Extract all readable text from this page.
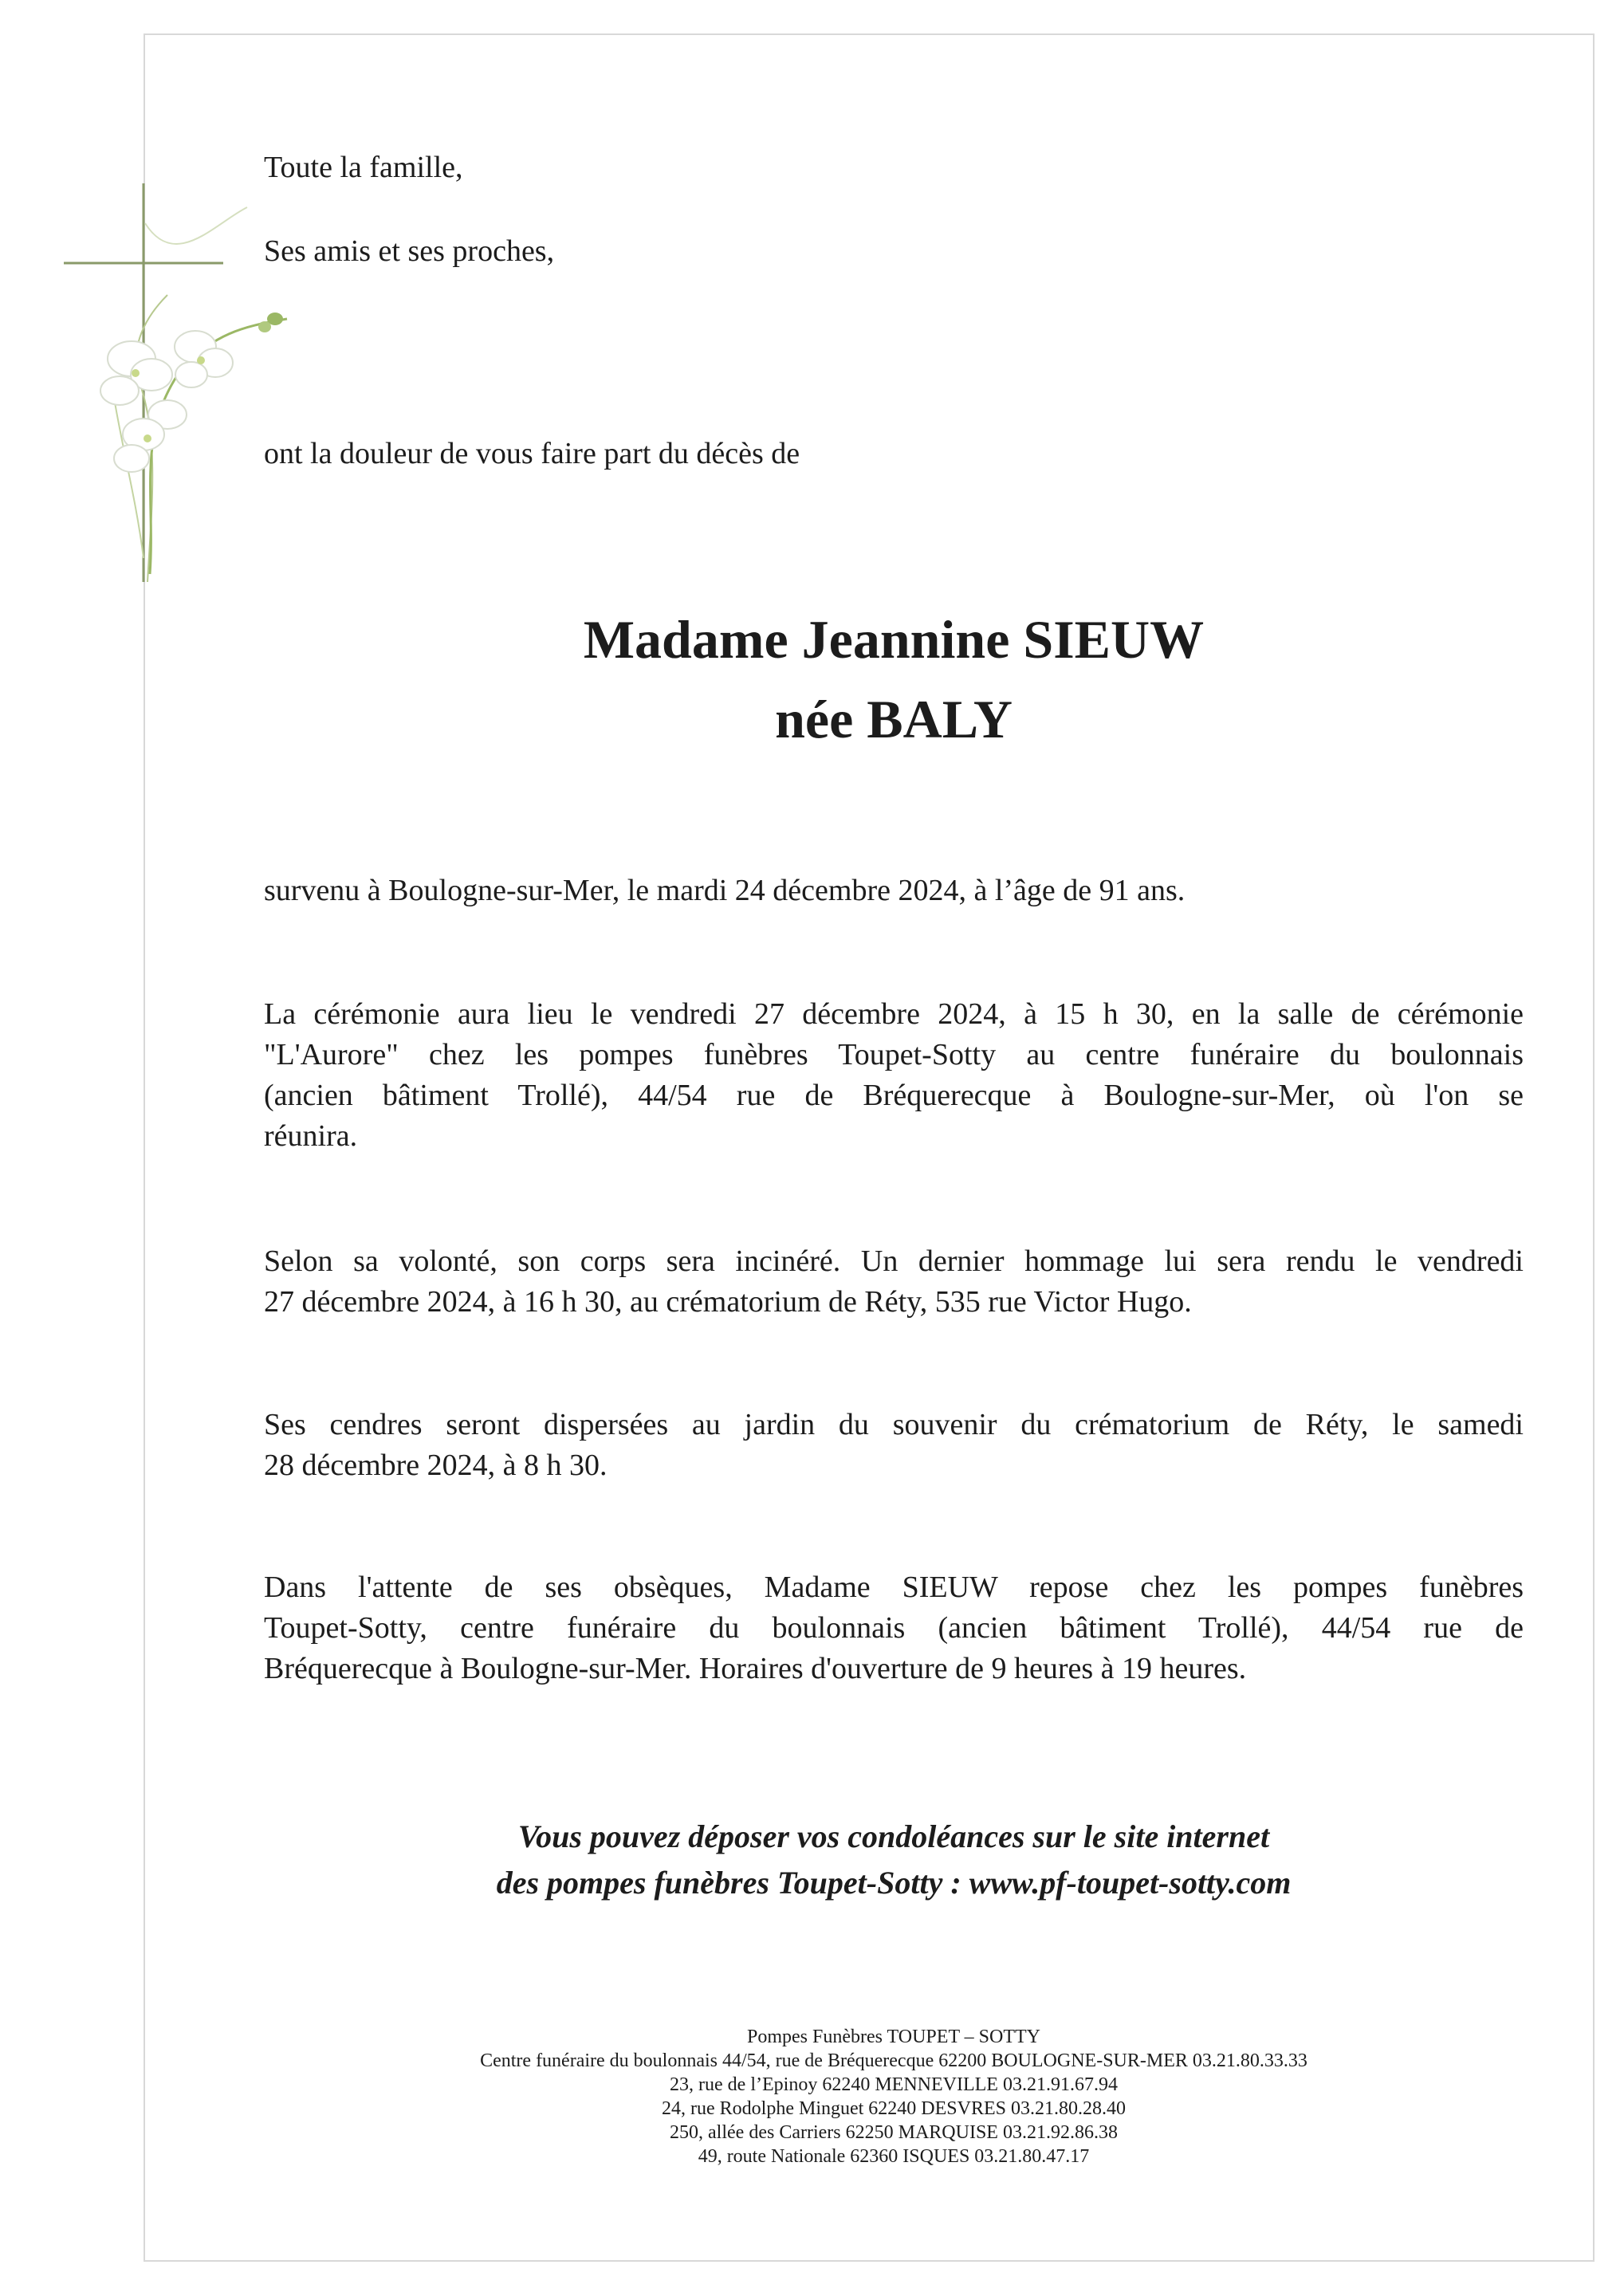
Toute la famille,

Ses amis et ses proches,

ont la douleur de vous faire part du décès de

Madame Jeannine SIEUW
née BALY

survenu à Boulogne-sur-Mer, le mardi 24 décembre 2024, à l’âge de 91 ans.

La cérémonie aura lieu le vendredi 27 décembre 2024, à 15 h 30, en la salle de cérémonie
"L'Aurore" chez les pompes funèbres Toupet-Sotty au centre funéraire du boulonnais
(ancien bâtiment Trollé), 44/54 rue de Bréquerecque à Boulogne-sur-Mer, où l'on se
réunira.
Selon sa volonté, son corps sera incinéré. Un dernier hommage lui sera rendu le vendredi
27 décembre 2024, à 16 h 30, au crématorium de Réty, 535 rue Victor Hugo.
Ses cendres seront dispersées au jardin du souvenir du crématorium de Réty, le samedi
28 décembre 2024, à 8 h 30.
Dans l'attente de ses obsèques, Madame SIEUW repose chez les pompes funèbres
Toupet-Sotty, centre funéraire du boulonnais (ancien bâtiment Trollé), 44/54 rue de
Bréquerecque à Boulogne-sur-Mer. Horaires d'ouverture de 9 heures à 19 heures.
Vous pouvez déposer vos condoléances sur le site internet
des pompes funèbres Toupet-Sotty : www.pf-toupet-sotty.com
Pompes Funèbres TOUPET – SOTTY
Centre funéraire du boulonnais 44/54, rue de Bréquerecque 62200 BOULOGNE-SUR-MER 03.21.80.33.33
23, rue de l’Epinoy 62240 MENNEVILLE 03.21.91.67.94
24, rue Rodolphe Minguet 62240 DESVRES 03.21.80.28.40
250, allée des Carriers 62250 MARQUISE 03.21.92.86.38
49, route Nationale 62360 ISQUES 03.21.80.47.17
